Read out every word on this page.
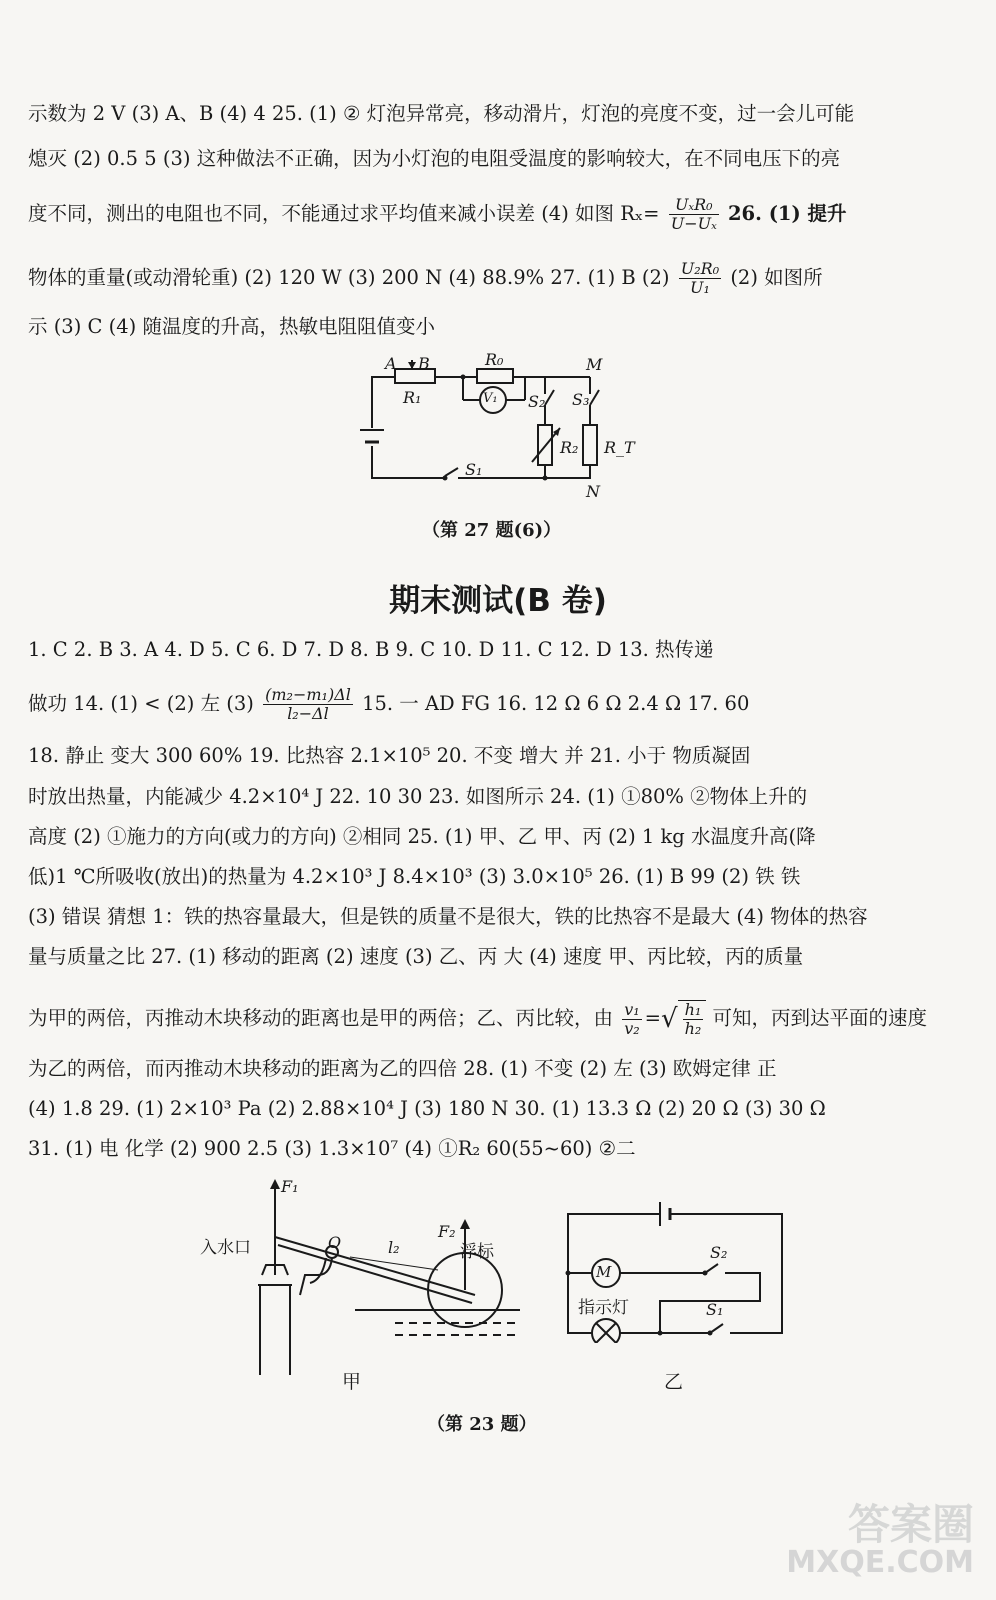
示数为 2 V (3) A、B (4) 4 25. (1) ② 灯泡异常亮，移动滑片，灯泡的亮度不变，过一会儿可能
熄灭 (2) 0.5 5 (3) 这种做法不正确，因为小灯泡的电阻受温度的影响较大，在不同电压下的亮
度不同，测出的电阻也不同，不能通过求平均值来减小误差 (4) 如图 $R_x= \frac{\text{UₓR₀}}{\text{U−Uₓ}} 26$. (1) 提升
物体的重量(或动滑轮重) (2) 120 W (3) 200 N (4) 88.9% 27. (1) B $(2) \frac{\text{U₂R₀}}{\text{U₁}} (2)$ 如图所
示 (3) C (4) 随温度的升高，热敏电阻阻值变小
A B	R₀
R₁
M
V₁ S₂ S₃
R₂ R_T
S₁
N
（第 27 题(6)）
期末测试(B 卷)
1. C 2. B 3. A 4. D 5. C 6. D 7. D 8. B 9. C 10. D 11. C 12. D 13. 热传递
做功 14. (1) < (2) 左 $(3) \frac{\text{(m₂−m₁)Δl}}{\text{l₂−Δl}} 15$. 一 AD FG 16. 12 Ω 6 Ω 2.4 Ω 17. 60
18. 静止 变大 300 60% 19. 比热容 2.1×10⁵ 20. 不变 增大 并 21. 小于 物质凝固
时放出热量，内能减少 4.2×10⁴ J 22. 10 30 23. 如图所示 24. (1) ①80% ②物体上升的
高度 (2) ①施力的方向(或力的方向) ②相同 25. (1) 甲、乙 甲、丙 (2) 1 kg 水温度升高(降
低)1 ℃所吸收(放出)的热量为 4.2×10³ J 8.4×10³ (3) 3.0×10⁵ 26. (1) B 99 (2) 铁 铁
(3) 错误 猜想 1：铁的热容量最大，但是铁的质量不是很大，铁的比热容不是最大 (4) 物体的热容
量与质量之比 27. (1) 移动的距离 (2) 速度 (3) 乙、丙 大 (4) 速度 甲、丙比较，丙的质量
为甲的两倍，丙推动木块移动的距离也是甲的两倍；乙、丙比较，由 $\frac{\text{v₁}}{\text{v₂}}$ =√ $\frac{\text{h₁}}{\text{h₂}}$ 可知，丙到达平面的速度
为乙的两倍，而丙推动木块移动的距离为乙的四倍 28. (1) 不变 (2) 左 (3) 欧姆定律 正
(4) 1.8 29. (1) 2×10³ Pa (2) 2.88×10⁴ J (3) 180 N 30. (1) 13.3 Ω (2) 20 Ω (3) 30 Ω
31. (1) 电 化学 (2) 900 2.5 (3) 1.3×10⁷ (4) ①R₂ 60(55~60) ②二
F₁
入水口	O	l₂
F₂
浮标
甲
M
S₂
指示灯	S₁
乙
（第 23 题）
答案圈
MXQE.COM
